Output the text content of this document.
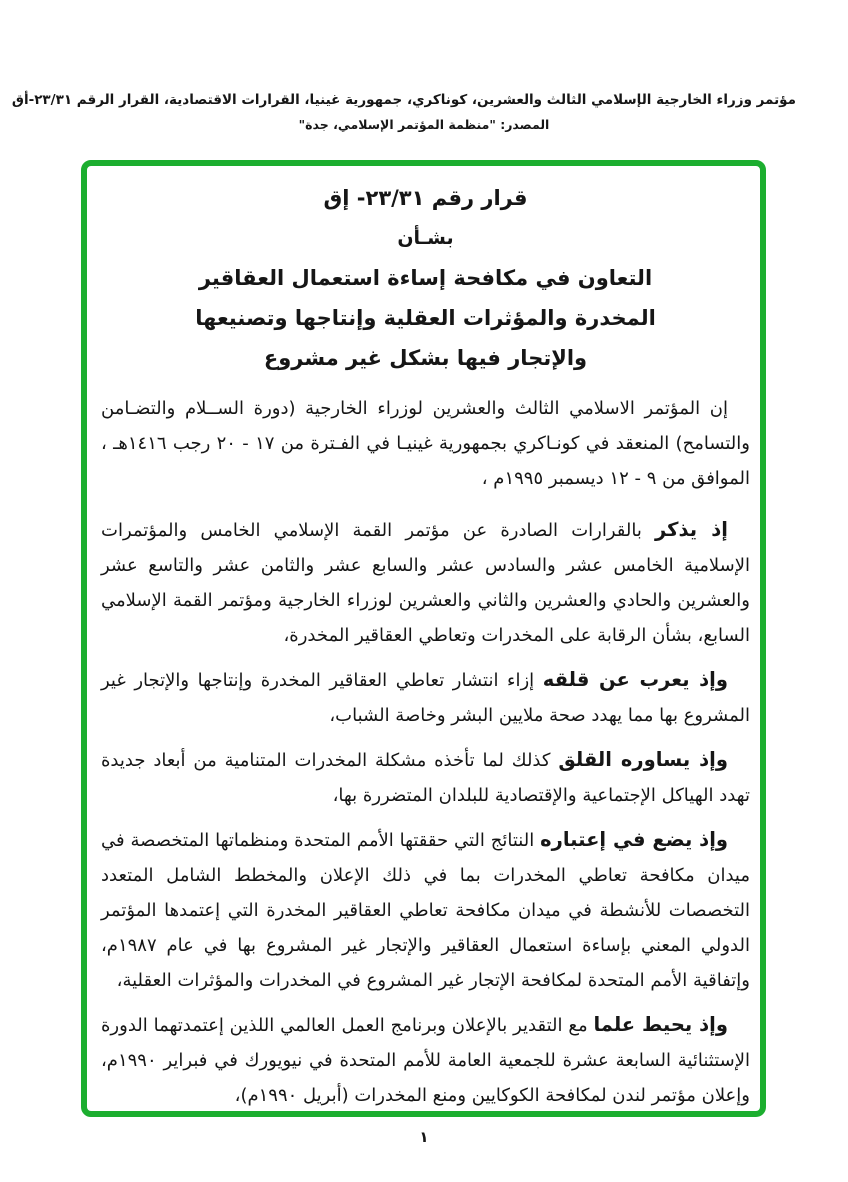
مؤتمر وزراء الخارجية الإسلامي الثالث والعشرين، كوناكري، جمهورية غينيا، القرارات الاقتصادية، القرار الرقم ٢٣/٣١-أق
المصدر: "منظمة المؤتمر الإسلامي، جدة"
قرار رقم ٢٣/٣١- إق
بشـأن
التعاون في مكافحة إساءة استعمال العقاقير
المخدرة والمؤثرات العقلية وإنتاجها وتصنيعها
والإتجار فيها بشكل غير مشروع

إن المؤتمر الاسلامي الثالث والعشرين لوزراء الخارجية (دورة الســلام والتضـامن والتسامح) المنعقد في كونـاكري بجمهورية غينيـا في الفـترة من ١٧ - ٢٠ رجب ١٤١٦هـ ، الموافق من ٩ - ١٢ ديسمبر ١٩٩٥م ،

إذ يذكر بالقرارات الصادرة عن مؤتمر القمة الإسلامي الخامس والمؤتمرات الإسلامية الخامس عشر والسادس عشر والسابع عشر والثامن عشر والتاسع عشر والعشرين والحادي والعشرين والثاني والعشرين لوزراء الخارجية ومؤتمر القمة الإسلامي السابع، بشأن الرقابة على المخدرات وتعاطي العقاقير المخدرة،

وإذ يعرب عن قلقه إزاء انتشار تعاطي العقاقير المخدرة وإنتاجها والإتجار غير المشروع بها مما يهدد صحة ملايين البشر وخاصة الشباب،

وإذ يساوره القلق كذلك لما تأخذه مشكلة المخدرات المتنامية من أبعاد جديدة تهدد الهياكل الإجتماعية والإقتصادية للبلدان المتضررة بها،

وإذ يضع في إعتباره النتائج التي حققتها الأمم المتحدة ومنظماتها المتخصصة في ميدان مكافحة تعاطي المخدرات بما في ذلك الإعلان والمخطط الشامل المتعدد التخصصات للأنشطة في ميدان مكافحة تعاطي العقاقير المخدرة التي إعتمدها المؤتمر الدولي المعني بإساءة استعمال العقاقير والإتجار غير المشروع بها في عام ١٩٨٧م، وإتفاقية الأمم المتحدة لمكافحة الإتجار غير المشروع في المخدرات والمؤثرات العقلية،

وإذ يحيط علما مع التقدير بالإعلان وبرنامج العمل العالمي اللذين إعتمدتهما الدورة الإستثنائية السابعة عشرة للجمعية العامة للأمم المتحدة في نيويورك في فبراير ١٩٩٠م، وإعلان مؤتمر لندن لمكافحة الكوكايين ومنع المخدرات (أبريل ١٩٩٠م)،

١
